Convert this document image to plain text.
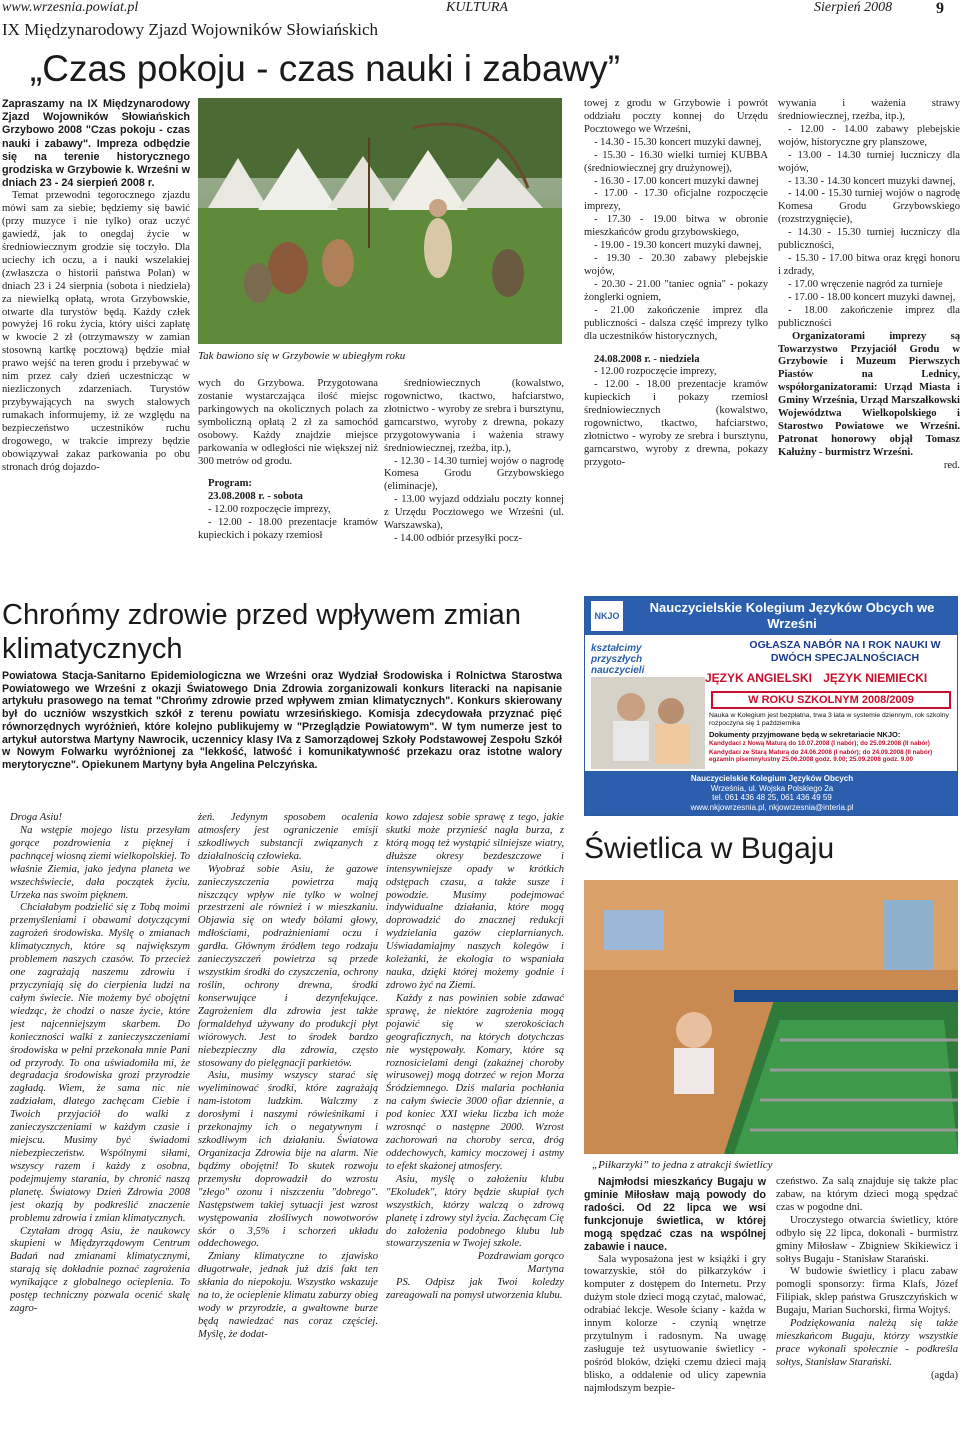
www.wrzesnia.powiat.pl	KULTURA	Sierpień 2008	9
IX Międzynarodowy Zjazd Wojowników Słowiańskich
„Czas pokoju - czas nauki i zabawy”

Zapraszamy na IX Międzynarodowy Zjazd Wojowników Słowiańskich Grzybowo 2008 "Czas pokoju - czas nauki i zabawy". Impreza odbędzie się na terenie historycznego grodziska w Grzybowie k. Wrześni w dniach 23 - 24 sierpień 2008 r.

Temat przewodni tegorocznego zjazdu mówi sam za siebie; będziemy się bawić (przy muzyce i nie tylko) oraz uczyć gawiedź, jak to onegdaj życie w średniowiecznym grodzie się toczyło. Dla uciechy ich oczu, a i nauki wszelakiej (zwłaszcza o historii państwa Polan) w dniach 23 i 24 sierpnia (sobota i niedziela) za niewielką opłatą, wrota Grzybowskie, otwarte dla turystów będą. Każdy człek powyżej 16 roku życia, który uiści zapłatę w kwocie 2 zł (otrzymawszy w zamian stosowną kartkę pocztową) będzie miał prawo wejść na teren grodu i przebywać w nim przez cały dzień uczestnicząc w niezliczonych zdarzeniach. Turystów przybywających na swych stalowych rumakach informujemy, iż ze względu na bezpieczeństwo uczestników ruchu drogowego, w trakcie imprezy będzie obowiązywał zakaz parkowania po obu stronach dróg dojazdo-

Tak bawiono się w Grzybowie w ubiegłym roku

wych do Grzybowa. Przygotowana zostanie wystarczająca ilość miejsc parkingowych na okolicznych polach za symboliczną opłatą 2 zł za samochód osobowy. Każdy znajdzie miejsce parkowania w odległości nie większej niż 300 metrów od grodu.

Program:

23.08.2008 r. - sobota

- 12.00 rozpoczęcie imprezy,

- 12.00 - 18.00 prezentacje kramów kupieckich i pokazy rzemiosł

średniowiecznych (kowalstwo, rogownictwo, tkactwo, hafciarstwo, złotnictwo - wyroby ze srebra i bursztynu, garncarstwo, wyroby z drewna, pokazy przygotowywania i ważenia strawy średniowiecznej, rzeźba, itp.),

- 12.30 - 14.30 turniej wojów o nagrodę Komesa Grodu Grzybowskiego (eliminacje),

- 13.00 wyjazd oddziału poczty konnej z Urzędu Pocztowego we Wrześni (ul. Warszawska),

- 14.00 odbiór przesyłki pocz-

towej z grodu w Grzybowie i powrót oddziału poczty konnej do Urzędu Pocztowego we Wrześni,

- 14.30 - 15.30 koncert muzyki dawnej,

- 15.30 - 16.30 wielki turniej KUBBA (średniowiecznej gry drużynowej),

- 16.30 - 17.00 koncert muzyki dawnej

- 17.00 - 17.30 oficjalne rozpoczęcie imprezy,

- 17.30 - 19.00 bitwa w obronie mieszkańców grodu grzybowskiego,

- 19.00 - 19.30 koncert muzyki dawnej,

- 19.30 - 20.30 zabawy plebejskie wojów,

- 20.30 - 21.00 "taniec ognia" - pokazy żonglerki ogniem,

- 21.00 zakończenie imprez dla publiczności - dalsza część imprezy tylko dla uczestników historycznych,

24.08.2008 r. - niedziela

- 12.00 rozpoczęcie imprezy,

- 12.00 - 18.00 prezentacje kramów kupieckich i pokazy rzemiosł średniowiecznych (kowalstwo, rogownictwo, tkactwo, hafciarstwo, złotnictwo - wyroby ze srebra i bursztynu, garncarstwo, wyroby z drewna, pokazy przygoto-

wywania i ważenia strawy średniowiecznej, rzeźba, itp.),

- 12.00 - 14.00 zabawy plebejskie wojów, historyczne gry planszowe,

- 13.00 - 14.30 turniej łuczniczy dla wojów,

- 13.30 - 14.30 koncert muzyki dawnej,

- 14.00 - 15.30 turniej wojów o nagrodę Komesa Grodu Grzybowskiego (rozstrzygnięcie),

- 14.30 - 15.30 turniej łuczniczy dla publiczności,

- 15.30 - 17.00 bitwa oraz kręgi honoru i zdrady,

- 17.00 wręczenie nagród za turnieje

- 17.00 - 18.00 koncert muzyki dawnej,

- 18.00 zakończenie imprez dla publiczności

Organizatorami imprezy są Towarzystwo Przyjaciół Grodu w Grzybowie i Muzeum Pierwszych Piastów na Lednicy, współorganizatorami: Urząd Miasta i Gminy Września, Urząd Marszałkowski Województwa Wielkopolskiego i Starostwo Powiatowe we Wrześni. Patronat honorowy objął Tomasz Kałużny - burmistrz Wrześni.

red.

Chrońmy zdrowie przed wpływem zmian klimatycznych
Powiatowa Stacja-Sanitarno Epidemiologiczna we Wrześni oraz Wydział Środowiska i Rolnictwa Starostwa Powiatowego we Wrześni z okazji Światowego Dnia Zdrowia zorganizowali konkurs literacki na napisanie artykułu prasowego na temat "Chrońmy zdrowie przed wpływem zmian klimatycznych". Konkurs skierowany był do uczniów wszystkich szkół z terenu powiatu wrzesińskiego. Komisja zdecydowała przyznać pięć równorzędnych wyróżnień, które kolejno publikujemy w "Przeglądzie Powiatowym". W tym numerze jest to artykuł autorstwa Martyny Nawrocik, uczennicy klasy IVa z Samorządowej Szkoły Podstawowej Zespołu Szkół w Nowym Folwarku wyróżnionej za "lekkość, latwość i komunikatywność przekazu oraz istotne walory merytoryczne". Opiekunem Martyny była Angelina Pelczyńska.

Droga Asiu!

Na wstępie mojego listu przesyłam gorące pozdrowienia z pięknej i pachnącej wiosną ziemi wielkopolskiej. To właśnie Ziemia, jako jedyna planeta we wszechświecie, dała początek życiu. Urzeka nas swoim pięknem.

Chciałabym podzielić się z Tobą moimi przemyśleniami i obawami dotyczącymi zagrożeń środowiska. Myślę o zmianach klimatycznych, które są największym problemem naszych czasów. To przecież one zagrażają naszemu zdrowiu i przyczyniają się do cierpienia ludzi na całym świecie. Nie możemy być obojętni wiedząc, że chodzi o nasze życie, które jest najcenniejszym skarbem. Do konieczności walki z zanieczyszczeniami środowiska w pełni przekonała mnie Pani od przyrody. To ona uświadomiła mi, że degradacja środowiska grozi przyrodzie zagładą. Wiem, że sama nic nie zadziałam, dlatego zachęcam Ciebie i Twoich przyjaciół do walki z zanieczyszczeniami w każdym czasie i miejscu. Musimy być świadomi niebezpieczeństw. Wspólnymi siłami, wszyscy razem i każdy z osobna, podejmujemy starania, by chronić naszą planetę. Światowy Dzień Zdrowia 2008 jest okazją by podkreślić znaczenie problemu zdrowia i zmian klimatycznych.

Czytałam drogą Asiu, że naukowcy skupieni w Międzyrządowym Centrum Badań nad zmianami klimatycznymi, starają się dokładnie poznać zagrożenia wynikające z globalnego ocieplenia. To postęp techniczny pozwala ocenić skalę zagro-

żeń. Jedynym sposobem ocalenia atmosfery jest ograniczenie emisji szkodliwych substancji związanych z działalnością człowieka.

Wyobraź sobie Asiu, że gazowe zanieczyszczenia powietrza mają niszczący wpływ nie tylko w wolnej przestrzeni ale również i w mieszkaniu. Objawia się on wtedy bólami głowy, mdłościami, podrażnieniami oczu i gardła. Głównym źródłem tego rodzaju zanieczyszczeń powietrza są przede wszystkim środki do czyszczenia, ochrony roślin, ochrony drewna, środki konserwujące i dezynfekujące. Zagrożeniem dla zdrowia jest także formaldehyd używany do produkcji płyt wiórowych. Jest to środek bardzo niebezpieczny dla zdrowia, często stosowany do pielęgnacji parkietów.

Asiu, musimy wszyscy starać się wyeliminować środki, które zagrażają nam-istotom ludzkim. Walczmy z dorosłymi i naszymi rówieśnikami i przekonajmy ich o negatywnym i szkodliwym ich działaniu. Światowa Organizacja Zdrowia bije na alarm. Nie bądźmy obojętni! To skutek rozwoju przemysłu doprowadził do wzrostu "złego" ozonu i niszczeniu "dobrego". Następstwem takiej sytuacji jest wzrost występowania złośliwych nowotworów skór o 3,5% i schorzeń układu oddechowego.

Zmiany klimatyczne to zjawisko długotrwałe, jednak już dziś fakt ten skłania do niepokoju. Wszystko wskazuje na to, że ocieplenie klimatu zaburzy obieg wody w przyrodzie, a gwałtowne burze będą nawiedzać nas coraz częściej. Myślę, że dodat-

kowo zdajesz sobie sprawę z tego, jakie skutki może przynieść nagła burza, z którą mogą też wystąpić silniejsze wiatry, dłuższe okresy bezdeszczowe i intensywniejsze opady w krótkich odstępach czasu, a także susze i powodzie. Musimy podejmować indywidualne działania, które mogą doprowadzić do znacznej redukcji wydzielania gazów cieplarnianych. Uświadamiajmy naszych kolegów i koleżanki, że ekologia to wspaniała nauka, dzięki której możemy godnie i zdrowo żyć na Ziemi.

Każdy z nas powinien sobie zdawać sprawę, że niektóre zagrożenia mogą pojawić się w szerokościach geograficznych, na których dotychczas nie występowały. Komary, które są roznosicielami dengi (zakaźnej choroby wirusowej) mogą dotrzeć w rejon Morza Śródziemnego. Dziś malaria pochłania na całym świecie 3000 ofiar dziennie, a pod koniec XXI wieku liczba ich może wzrosnąć o następne 2000. Wzrost zachorowań na choroby serca, dróg oddechowych, kamicy moczowej i astmy to efekt skażonej atmosfery.

Asiu, myślę o założeniu klubu "Ekoludek", który będzie skupiał tych wszystkich, którzy walczą o zdrową planetę i zdrowy styl życia. Zachęcam Cię do założenia podobnego klubu lub stowarzyszenia w Twojej szkole.

Pozdrawiam gorąco

Martyna

PS. Odpisz jak Twoi koledzy zareagowali na pomysł utworzenia klubu.

NKJO
Nauczycielskie Kolegium Języków Obcych we Wrześni
kształcimy przyszłych nauczycieli
OGŁASZA NABÓR NA I ROK NAUKI W DWÓCH SPECJALNOŚCIACH
JĘZYK ANGIELSKI JĘZYK NIEMIECKI
W ROKU SZKOLNYM 2008/2009
Nauka w Kolegium jest bezpłatna, trwa 3 lata w systemie dziennym, rok szkolny rozpoczyna się 1 października
Dokumenty przyjmowane będą w sekretariacie NKJO:
Kandydaci z Nową Maturą do 10.07.2008 (I nabór); do 25.09.2008 (II nabór)
Kandydaci ze Starą Maturą do 24.06.2008 (I nabór); do 24.09.2008 (II nabór) egzamin pisemny/ustny 25.06.2008 godz. 9.00; 25.09.2008 godz. 9.00
Nauczycielskie Kolegium Języków Obcych
Września, ul. Wojska Polskiego 2a
tel. 061 436 48 25, 061 436 49 59
www.nkjowrzesnia.pl, nkjowrzesnia@interia.pl
Świetlica w Bugaju
„Piłkarzyki” to jedna z atrakcji świetlicy

Najmłodsi mieszkańcy Bugaju w gminie Miłosław mają powody do radości. Od 22 lipca we wsi funkcjonuje świetlica, w której mogą spędzać czas na wspólnej zabawie i nauce.

Sala wyposażona jest w książki i gry towarzyskie, stół do piłkarzyków i komputer z dostępem do Internetu. Przy dużym stole dzieci mogą czytać, malować, odrabiać lekcje. Wesołe ściany - każda w innym kolorze - czynią wnętrze przytulnym i radosnym. Na uwagę zasługuje też usytuowanie świetlicy - pośród bloków, dzięki czemu dzieci mają blisko, a oddalenie od ulicy zapewnia najmłodszym bezpie-

czeństwo. Za salą znajduje się także plac zabaw, na którym dzieci mogą spędzać czas w pogodne dni.

Uroczystego otwarcia świetlicy, które odbyło się 22 lipca, dokonali - burmistrz gminy Miłosław - Zbigniew Skikiewicz i sołtys Bugaju - Stanisław Starański.

W budowie świetlicy i placu zabaw pomogli sponsorzy: firma Klafs, Józef Filipiak, sklep państwa Gruszczyńskich w Bugaju, Marian Suchorski, firma Wojtyś.

Podziękowania należą się także mieszkańcom Bugaju, którzy wszystkie prace wykonali społecznie - podkreśla sołtys, Stanisław Starański.

(agda)
